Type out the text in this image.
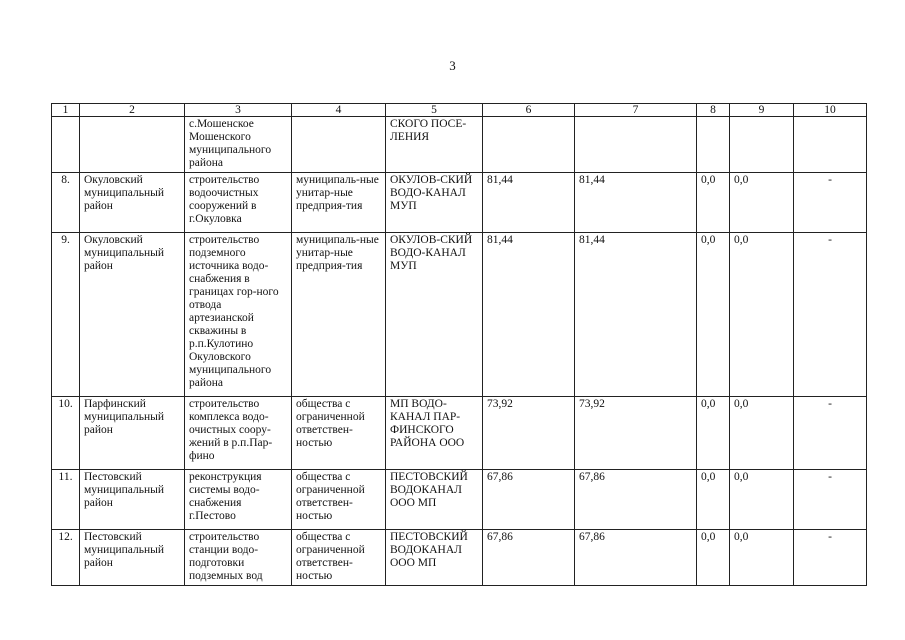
3
1	2	3	4	5	6	7	8	9	10
		с.Мошенское Мошенского муниципального района		СКОГО ПОСЕ-ЛЕНИЯ					
8.	Окуловский муниципальный район	строительство водоочистных сооружений в г.Окуловка	муниципаль-ные унитар-ные предприя-тия	ОКУЛОВ-СКИЙ ВОДО-КАНАЛ МУП	81,44	81,44	0,0	0,0	-
9.	Окуловский муниципальный район	строительство подземного источника водо-снабжения в границах гор-ного отвода артезианской скважины в р.п.Кулотино Окуловского муниципального района	муниципаль-ные унитар-ные предприя-тия	ОКУЛОВ-СКИЙ ВОДО-КАНАЛ МУП	81,44	81,44	0,0	0,0	-
10.	Парфинский муниципальный район	строительство комплекса водо-очистных соору-жений в р.п.Пар-фино	общества с ограниченной ответствен-ностью	МП ВОДО-КАНАЛ ПАР-ФИНСКОГО РАЙОНА ООО	73,92	73,92	0,0	0,0	-
11.	Пестовский муниципальный район	реконструкция системы водо-снабжения г.Пестово	общества с ограниченной ответствен-ностью	ПЕСТОВСКИЙ ВОДОКАНАЛ ООО МП	67,86	67,86	0,0	0,0	-
12.	Пестовский муниципальный район	строительство станции водо-подготовки подземных вод	общества с ограниченной ответствен-ностью	ПЕСТОВСКИЙ ВОДОКАНАЛ ООО МП	67,86	67,86	0,0	0,0	-
